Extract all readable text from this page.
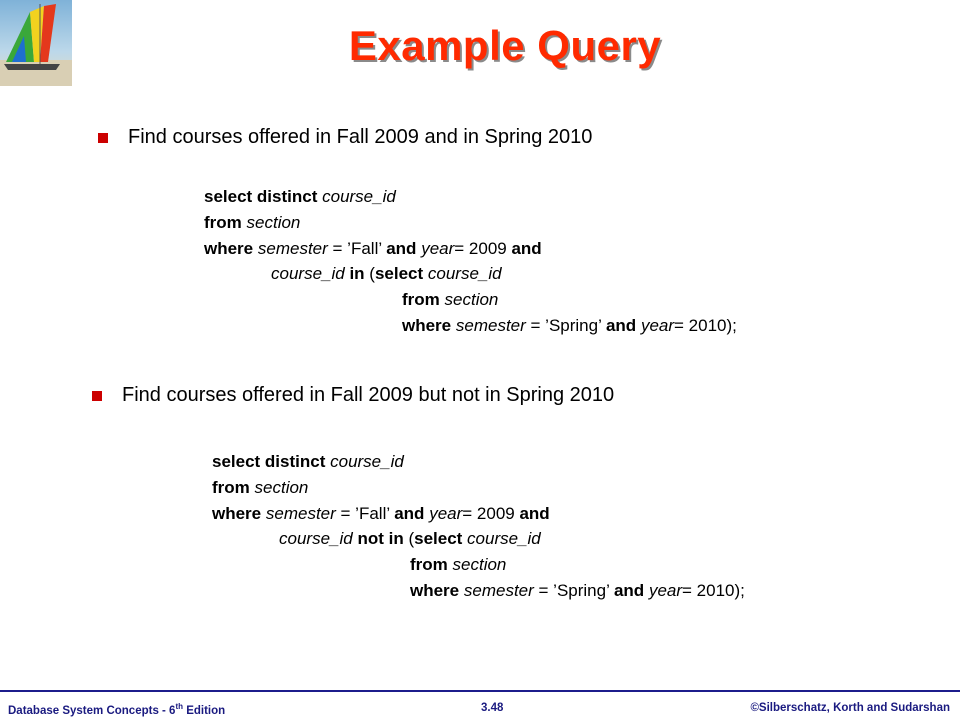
Example Query
Find courses offered in Fall 2009 and in Spring 2010
select distinct course_id
from section
where semester = ’Fall’ and year= 2009 and
course_id in (select course_id
from section
where semester = ’Spring’ and year= 2010);
Find courses offered in Fall 2009 but not in Spring 2010
select distinct course_id
from section
where semester = ’Fall’ and year= 2009 and
course_id not in (select course_id
from section
where semester = ’Spring’ and year= 2010);
Database System Concepts - 6th Edition	3.48	©Silberschatz, Korth and Sudarshan
